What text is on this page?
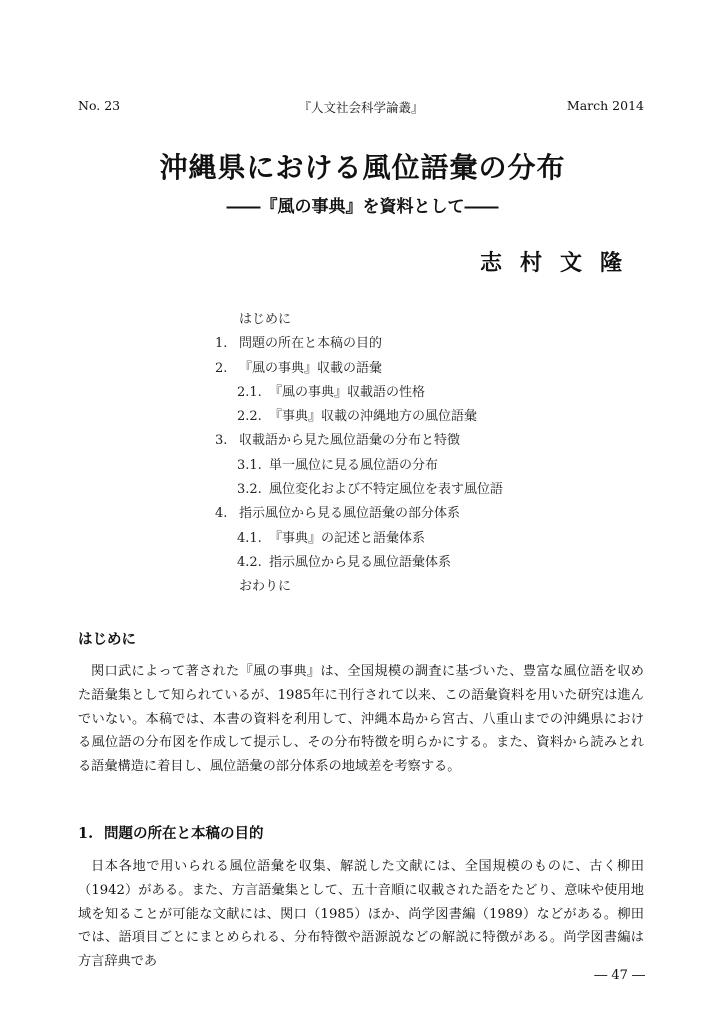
No. 23	『人文社会科学論叢』	March 2014
沖縄県における風位語彙の分布
――『風の事典』を資料として――
志村文隆
はじめに
1. 問題の所在と本稿の目的
2. 『風の事典』収載の語彙
2.1. 『風の事典』収載語の性格
2.2. 『事典』収載の沖縄地方の風位語彙
3. 収載語から見た風位語彙の分布と特徴
3.1. 単一風位に見る風位語の分布
3.2. 風位変化および不特定風位を表す風位語
4. 指示風位から見る風位語彙の部分体系
4.1. 『事典』の記述と語彙体系
4.2. 指示風位から見る風位語彙体系
おわりに
はじめに

関口武によって著された『風の事典』は、全国規模の調査に基づいた、豊富な風位語を収めた語彙集として知られているが、1985年に刊行されて以来、この語彙資料を用いた研究は進んでいない。本稿では、本書の資料を利用して、沖縄本島から宮古、八重山までの沖縄県における風位語の分布図を作成して提示し、その分布特徴を明らかにする。また、資料から読みとれる語彙構造に着目し、風位語彙の部分体系の地域差を考察する。

1. 問題の所在と本稿の目的

日本各地で用いられる風位語彙を収集、解説した文献には、全国規模のものに、古く柳田（1942）がある。また、方言語彙集として、五十音順に収載された語をたどり、意味や使用地域を知ることが可能な文献には、関口（1985）ほか、尚学図書編（1989）などがある。柳田では、語項目ごとにまとめられる、分布特徴や語源説などの解説に特徴がある。尚学図書編は方言辞典であ

― 47 ―
